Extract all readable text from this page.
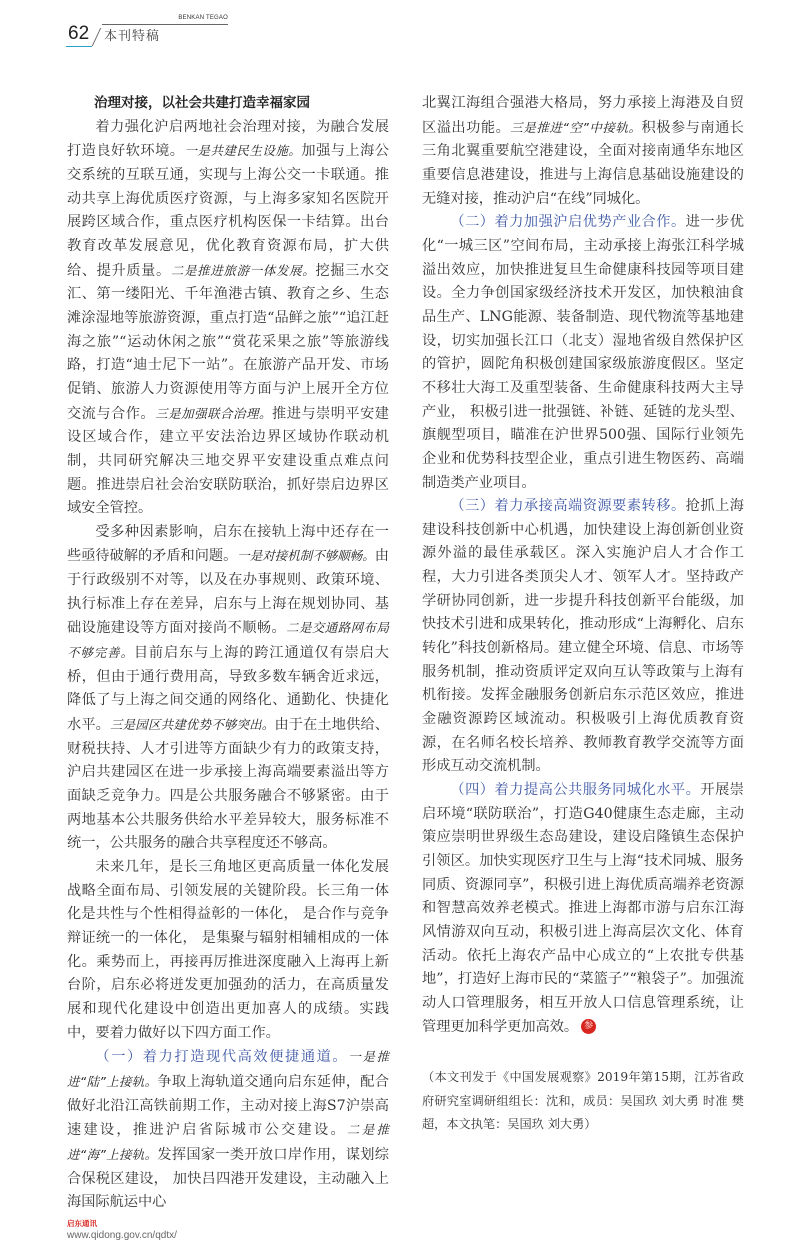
62
BENKAN TEGAO
本刊特稿

治理对接，以社会共建打造幸福家园

着力强化沪启两地社会治理对接，为融合发展打造良好软环境。一是共建民生设施。加强与上海公交系统的互联互通，实现与上海公交一卡联通。推动共享上海优质医疗资源，与上海多家知名医院开展跨区域合作，重点医疗机构医保一卡结算。出台教育改革发展意见，优化教育资源布局，扩大供给、提升质量。二是推进旅游一体发展。挖掘三水交汇、第一缕阳光、千年渔港古镇、教育之乡、生态滩涂湿地等旅游资源，重点打造“品鲜之旅”“追江赶海之旅”“运动休闲之旅”“赏花采果之旅”等旅游线路，打造“迪士尼下一站”。在旅游产品开发、市场促销、旅游人力资源使用等方面与沪上展开全方位交流与合作。三是加强联合治理。推进与崇明平安建设区域合作，建立平安法治边界区域协作联动机制，共同研究解决三地交界平安建设重点难点问题。推进崇启社会治安联防联治，抓好崇启边界区域安全管控。

受多种因素影响，启东在接轨上海中还存在一些亟待破解的矛盾和问题。一是对接机制不够顺畅。由于行政级别不对等，以及在办事规则、政策环境、执行标准上存在差异，启东与上海在规划协同、基础设施建设等方面对接尚不顺畅。二是交通路网布局不够完善。目前启东与上海的跨江通道仅有崇启大桥，但由于通行费用高，导致多数车辆舍近求远，降低了与上海之间交通的网络化、通勤化、快捷化水平。三是园区共建优势不够突出。由于在土地供给、财税扶持、人才引进等方面缺少有力的政策支持， 沪启共建园区在进一步承接上海高端要素溢出等方面缺乏竞争力。四是公共服务融合不够紧密。由于两地基本公共服务供给水平差异较大，服务标准不统一，公共服务的融合共享程度还不够高。

未来几年，是长三角地区更高质量一体化发展战略全面布局、引领发展的关键阶段。长三角一体化是共性与个性相得益彰的一体化， 是合作与竞争辩证统一的一体化， 是集聚与辐射相辅相成的一体化。乘势而上，再接再厉推进深度融入上海再上新台阶，启东必将迸发更加强劲的活力，在高质量发展和现代化建设中创造出更加喜人的成绩。实践中，要着力做好以下四方面工作。

（一）着力打造现代高效便捷通道。一是推进“陆”上接轨。争取上海轨道交通向启东延伸，配合做好北沿江高铁前期工作，主动对接上海S7沪崇高速建设，推进沪启省际城市公交建设。二是推进“海”上接轨。发挥国家一类开放口岸作用，谋划综合保税区建设， 加快吕四港开发建设，主动融入上海国际航运中心

北翼江海组合强港大格局，努力承接上海港及自贸区溢出功能。三是推进“空”中接轨。积极参与南通长三角北翼重要航空港建设，全面对接南通华东地区重要信息港建设，推进与上海信息基础设施建设的无缝对接，推动沪启“在线”同城化。

（二）着力加强沪启优势产业合作。进一步优化“一城三区”空间布局，主动承接上海张江科学城溢出效应，加快推进复旦生命健康科技园等项目建设。全力争创国家级经济技术开发区，加快粮油食品生产、LNG能源、装备制造、现代物流等基地建设，切实加强长江口（北支）湿地省级自然保护区的管护，圆陀角积极创建国家级旅游度假区。坚定不移壮大海工及重型装备、生命健康科技两大主导产业， 积极引进一批强链、补链、延链的龙头型、旗舰型项目，瞄准在沪世界500强、国际行业领先企业和优势科技型企业，重点引进生物医药、高端制造类产业项目。

（三）着力承接高端资源要素转移。抢抓上海建设科技创新中心机遇，加快建设上海创新创业资源外溢的最佳承载区。深入实施沪启人才合作工程，大力引进各类顶尖人才、领军人才。坚持政产学研协同创新，进一步提升科技创新平台能级，加快技术引进和成果转化，推动形成“上海孵化、启东转化”科技创新格局。建立健全环境、信息、市场等服务机制，推动资质评定双向互认等政策与上海有机衔接。发挥金融服务创新启东示范区效应，推进金融资源跨区域流动。积极吸引上海优质教育资源，在名师名校长培养、教师教育教学交流等方面形成互动交流机制。

（四）着力提高公共服务同城化水平。开展崇启环境“联防联治”，打造G40健康生态走廊，主动策应崇明世界级生态岛建设，建设启隆镇生态保护引领区。加快实现医疗卫生与上海“技术同城、服务同质、资源同享”，积极引进上海优质高端养老资源和智慧高效养老模式。推进上海都市游与启东江海风情游双向互动，积极引进上海高层次文化、体育活动。依托上海农产品中心成立的“上农批专供基地”，打造好上海市民的“菜篮子”“粮袋子”。加强流动人口管理服务，相互开放人口信息管理系统，让管理更加科学更加高效。 参

（本文刊发于《中国发展观察》2019年第15期，江苏省政府研究室调研组组长：沈和，成员：吴国玖 刘大勇 时准 樊超，本文执笔：吴国玖 刘大勇）

启东通讯
www.qidong.gov.cn/qdtx/
